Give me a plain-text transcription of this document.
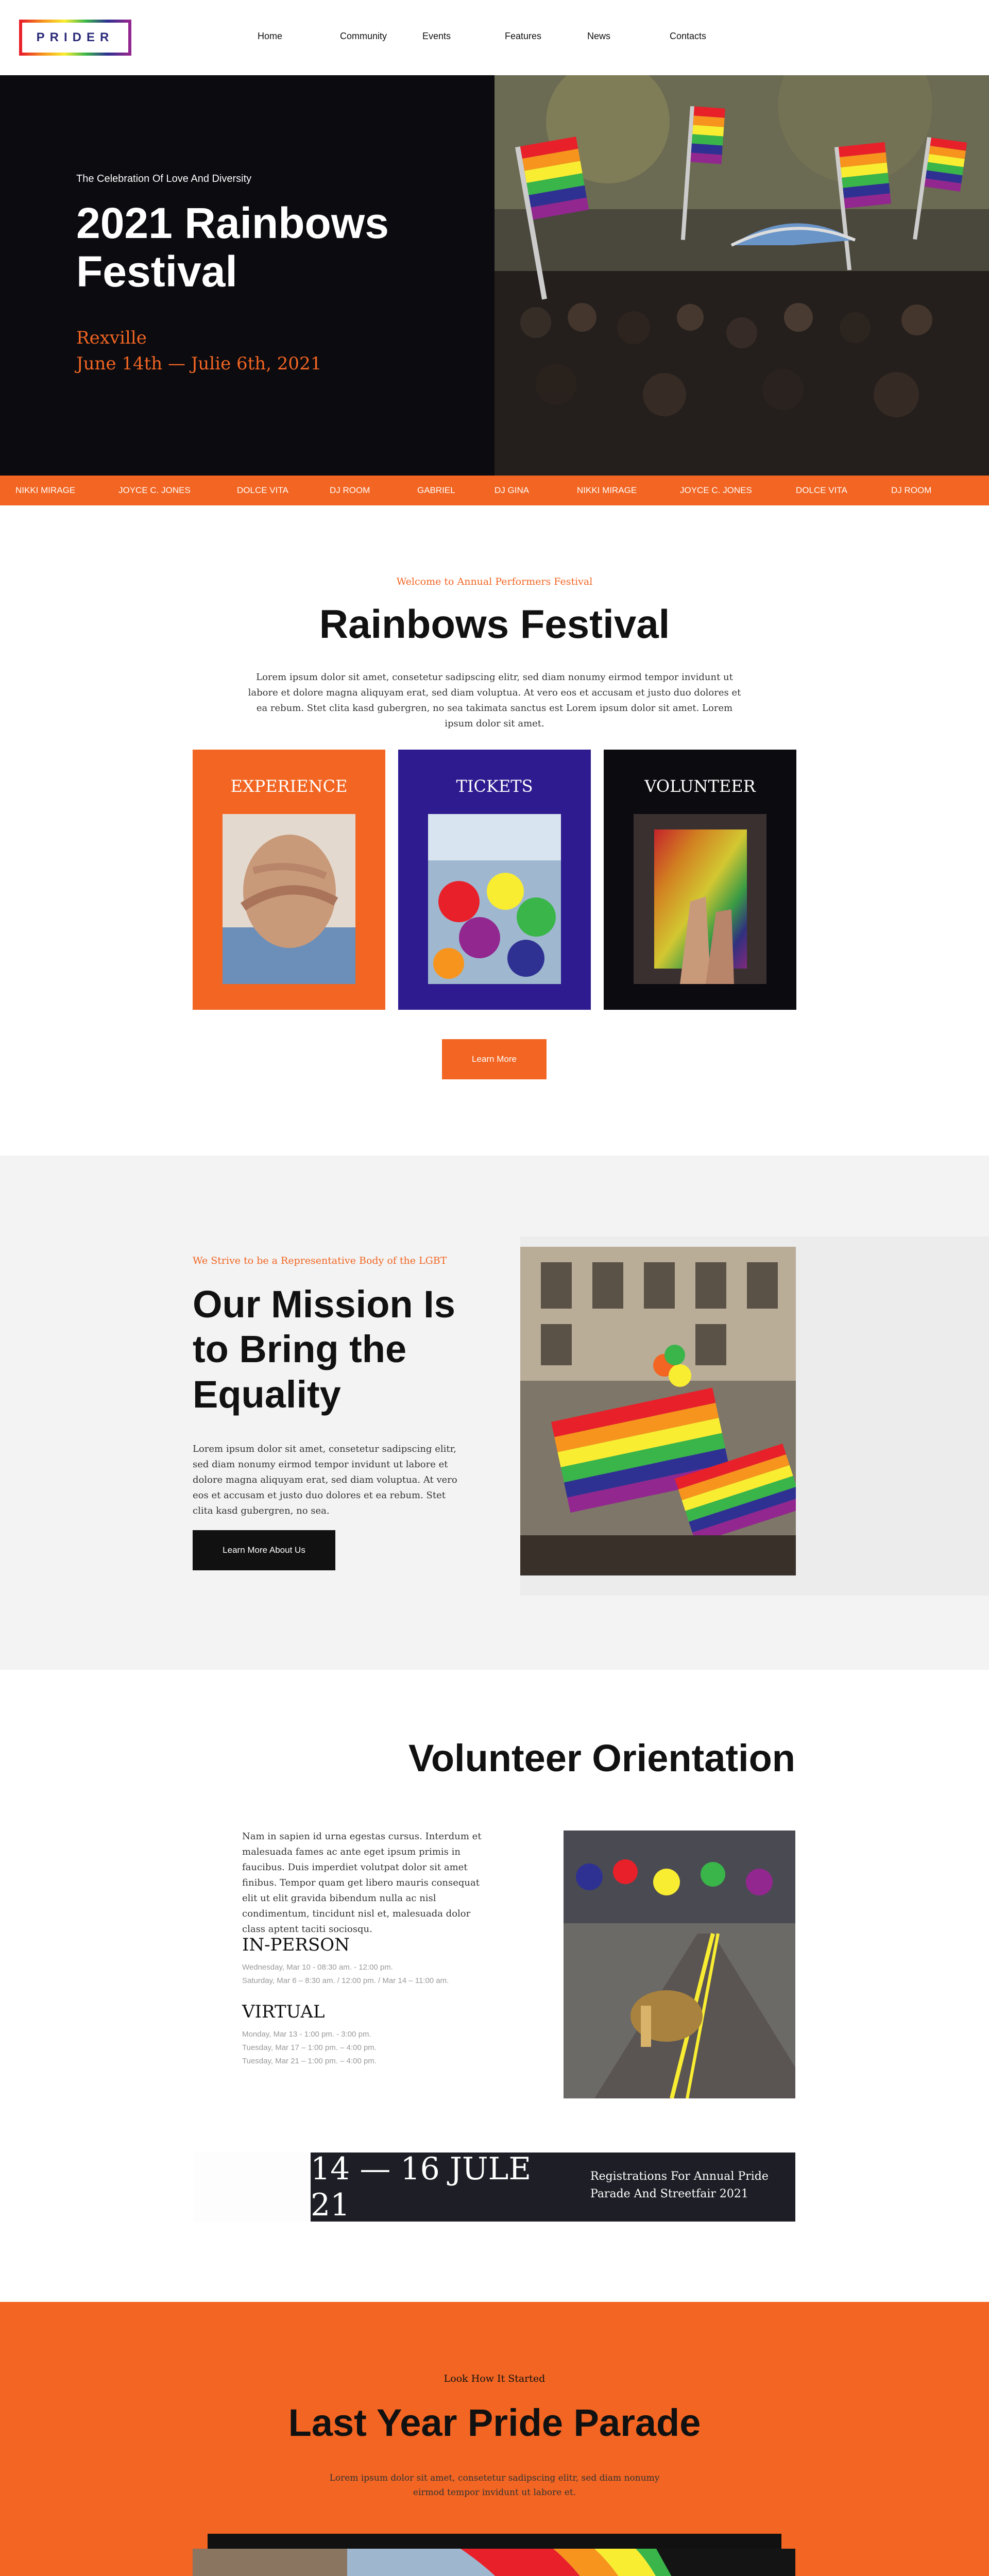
PRIDER	Home	Community	Events	Features	News	Contacts
The Celebration Of Love And Diversity
2021 Rainbows Festival
Rexville
June 14th — Julie 6th, 2021
NIKKI MIRAGE	JOYCE C. JONES	DOLCE VITA	DJ ROOM	GABRIEL	DJ GINA	NIKKI MIRAGE	JOYCE C. JONES	DOLCE VITA	DJ ROOM
Welcome to Annual Performers Festival
Rainbows Festival
Lorem ipsum dolor sit amet, consetetur sadipscing elitr, sed diam nonumy eirmod tempor invidunt ut labore et dolore magna aliquyam erat, sed diam voluptua. At vero eos et accusam et justo duo dolores et ea rebum. Stet clita kasd gubergren, no sea takimata sanctus est Lorem ipsum dolor sit amet. Lorem ipsum dolor sit amet.
EXPERIENCE	TICKETS	VOLUNTEER
Learn More
We Strive to be a Representative Body of the LGBT
Our Mission Is to Bring the Equality
Lorem ipsum dolor sit amet, consetetur sadipscing elitr, sed diam nonumy eirmod tempor invidunt ut labore et dolore magna aliquyam erat, sed diam voluptua. At vero eos et accusam et justo duo dolores et ea rebum. Stet clita kasd gubergren, no sea.
Learn More About Us
Volunteer Orientation
Nam in sapien id urna egestas cursus. Interdum et malesuada fames ac ante eget ipsum primis in faucibus. Duis imperdiet volutpat dolor sit amet finibus. Tempor quam get libero mauris consequat elit ut elit gravida bibendum nulla ac nisl condimentum, tincidunt nisl et, malesuada dolor class aptent taciti sociosqu.
IN-PERSON
Wednesday, Mar 10 - 08:30 am. - 12:00 pm.
Saturday, Mar 6 – 8:30 am. / 12:00 pm. / Mar 14 – 11:00 am.
VIRTUAL
Monday, Mar 13 - 1:00 pm. - 3:00 pm.
Tuesday, Mar 17 – 1:00 pm. – 4:00 pm.
Tuesday, Mar 21 – 1:00 pm. – 4:00 pm.
14 — 16 JULE 21
Registrations For Annual Pride Parade And Streetfair 2021
Look How It Started
Last Year Pride Parade
Lorem ipsum dolor sit amet, consetetur sadipscing elitr, sed diam nonumy eirmod tempor invidunt ut labore et.
